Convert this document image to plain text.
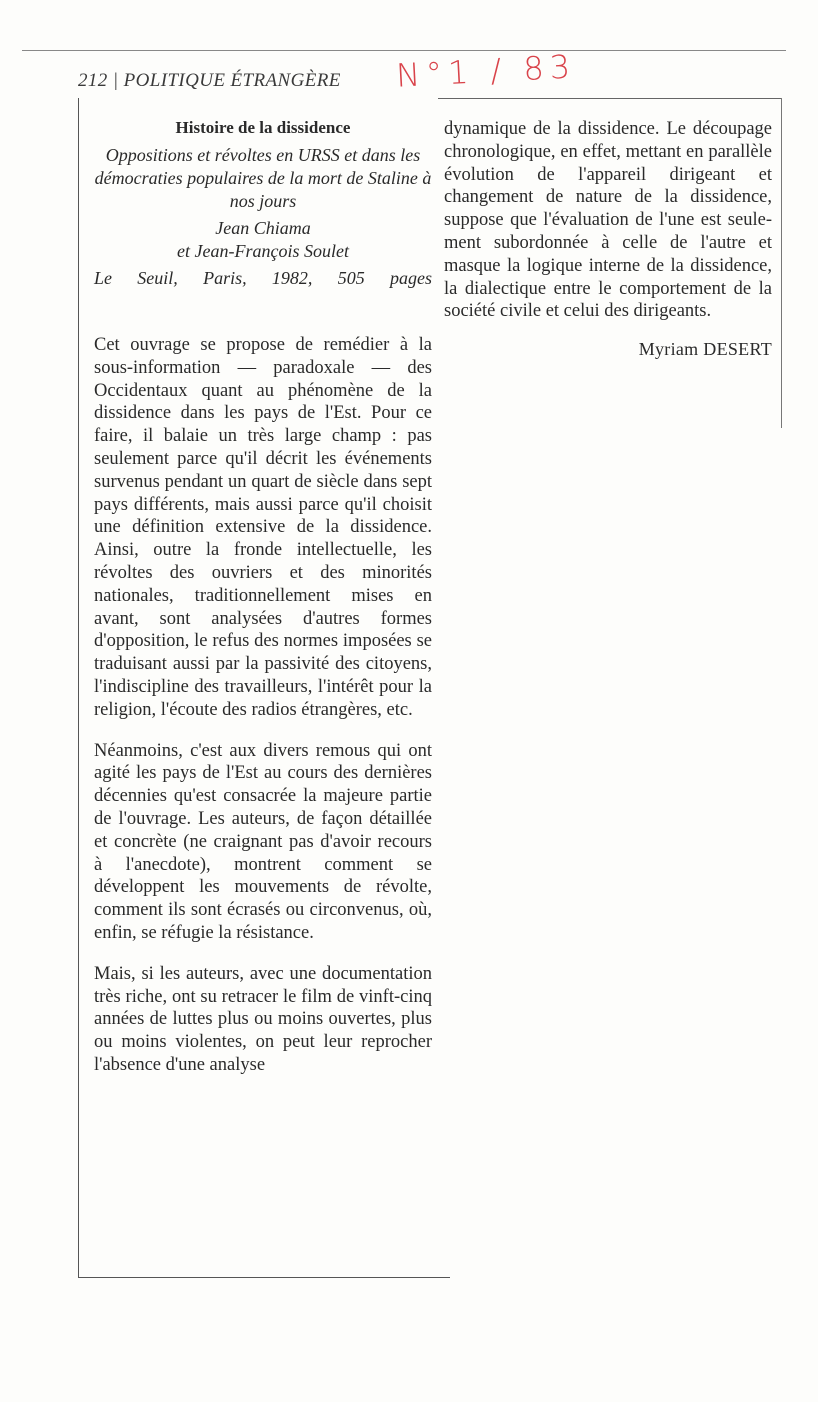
212 | POLITIQUE ÉTRANGÈRE N°1 / 83

Histoire de la dissidence

Oppositions et révoltes en URSS et dans les démocraties populaires de la mort de Staline à nos jours

Jean Chiama

et Jean-François Soulet

Le Seuil, Paris, 1982, 505 pages

Cet ouvrage se propose de remédier à la sous-information — paradoxale — des Occidentaux quant au phénomène de la dissidence dans les pays de l'Est. Pour ce faire, il balaie un très large champ : pas seulement parce qu'il décrit les événements survenus pendant un quart de siècle dans sept pays différents, mais aussi parce qu'il choisit une définition extensive de la dissidence. Ainsi, outre la fronde intellectuelle, les révoltes des ouvriers et des minorités nationales, traditionnellement mises en avant, sont analysées d'autres formes d'opposition, le refus des normes imposées se traduisant aussi par la passivité des citoyens, l'indiscipline des travailleurs, l'intérêt pour la religion, l'écoute des radios étrangères, etc.

Néanmoins, c'est aux divers remous qui ont agité les pays de l'Est au cours des dernières décennies qu'est consacrée la majeure partie de l'ouvrage. Les auteurs, de façon détaillée et concrète (ne craignant pas d'avoir recours à l'anecdote), montrent comment se développent les mouvements de révolte, comment ils sont écrasés ou circonvenus, où, enfin, se réfugie la résistance.

Mais, si les auteurs, avec une documentation très riche, ont su retracer le film de vinft-cinq années de luttes plus ou moins ouvertes, plus ou moins violentes, on peut leur reprocher l'absence d'une analyse

dynamique de la dissidence. Le découpage chronologique, en effet, mettant en parallèle évolution de l'appareil dirigeant et changement de nature de la dissidence, suppose que l'évaluation de l'une est seulement subordonnée à celle de l'autre et masque la logique interne de la dissidence, la dialectique entre le comportement de la société civile et celui des dirigeants.

Myriam DESERT
